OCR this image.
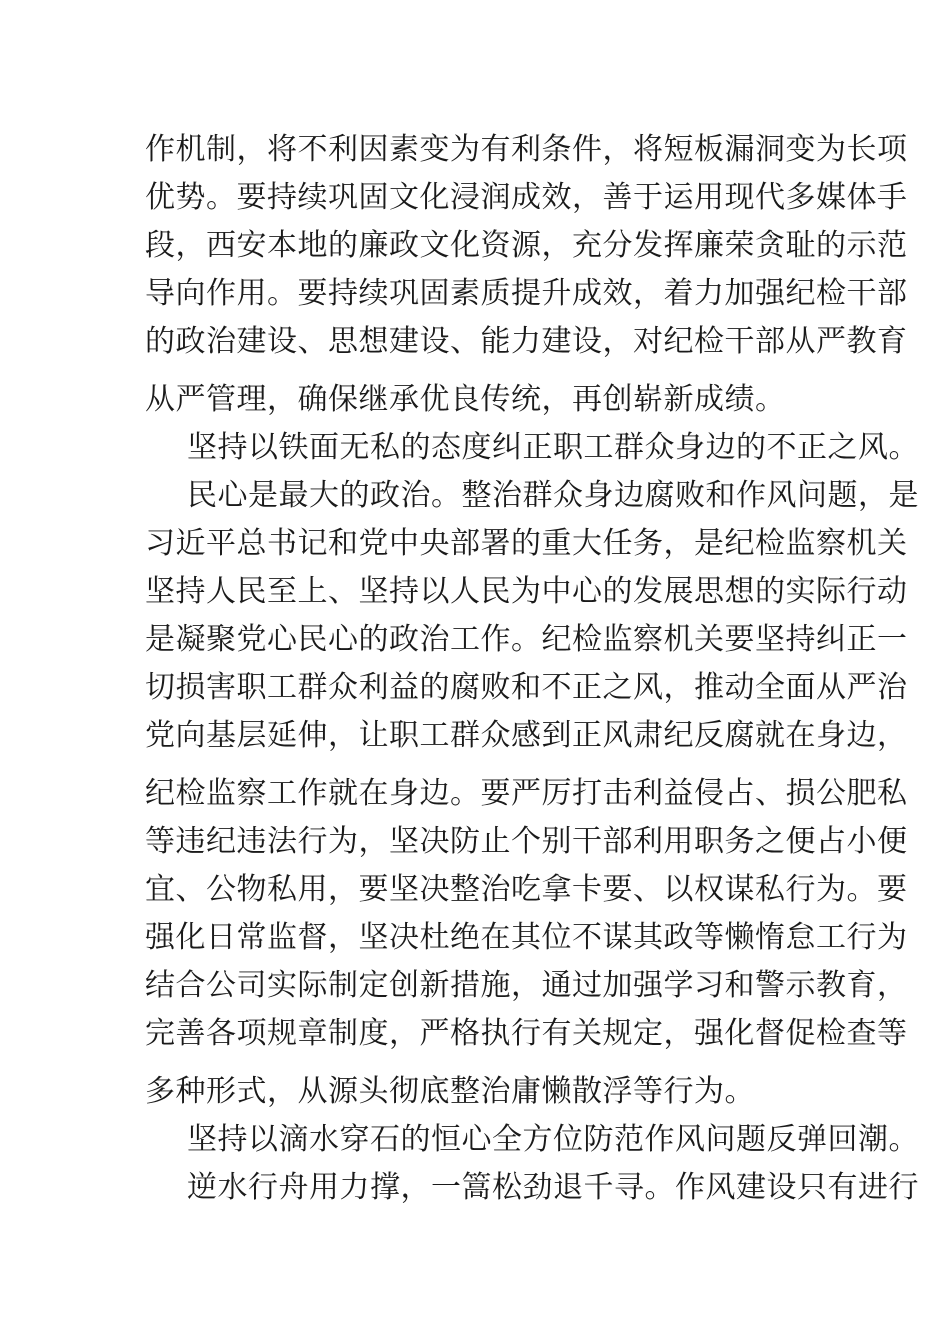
作机制，将不利因素变为有利条件，将短板漏洞变为长项
优势。要持续巩固文化浸润成效，善于运用现代多媒体手
段，西安本地的廉政文化资源，充分发挥廉荣贪耻的示范
导向作用。要持续巩固素质提升成效，着力加强纪检干部
的政治建设、思想建设、能力建设，对纪检干部从严教育
从严管理，确保继承优良传统，再创崭新成绩。
坚持以铁面无私的态度纠正职工群众身边的不正之风。
民心是最大的政治。整治群众身边腐败和作风问题，是
习近平总书记和党中央部署的重大任务，是纪检监察机关
坚持人民至上、坚持以人民为中心的发展思想的实际行动
是凝聚党心民心的政治工作。纪检监察机关要坚持纠正一
切损害职工群众利益的腐败和不正之风，推动全面从严治
党向基层延伸，让职工群众感到正风肃纪反腐就在身边，
纪检监察工作就在身边。要严厉打击利益侵占、损公肥私
等违纪违法行为，坚决防止个别干部利用职务之便占小便
宜、公物私用，要坚决整治吃拿卡要、以权谋私行为。要
强化日常监督，坚决杜绝在其位不谋其政等懒惰怠工行为
结合公司实际制定创新措施，通过加强学习和警示教育，
完善各项规章制度，严格执行有关规定，强化督促检查等
多种形式，从源头彻底整治庸懒散浮等行为。
坚持以滴水穿石的恒心全方位防范作风问题反弹回潮。
逆水行舟用力撑，一篙松劲退千寻。作风建设只有进行
